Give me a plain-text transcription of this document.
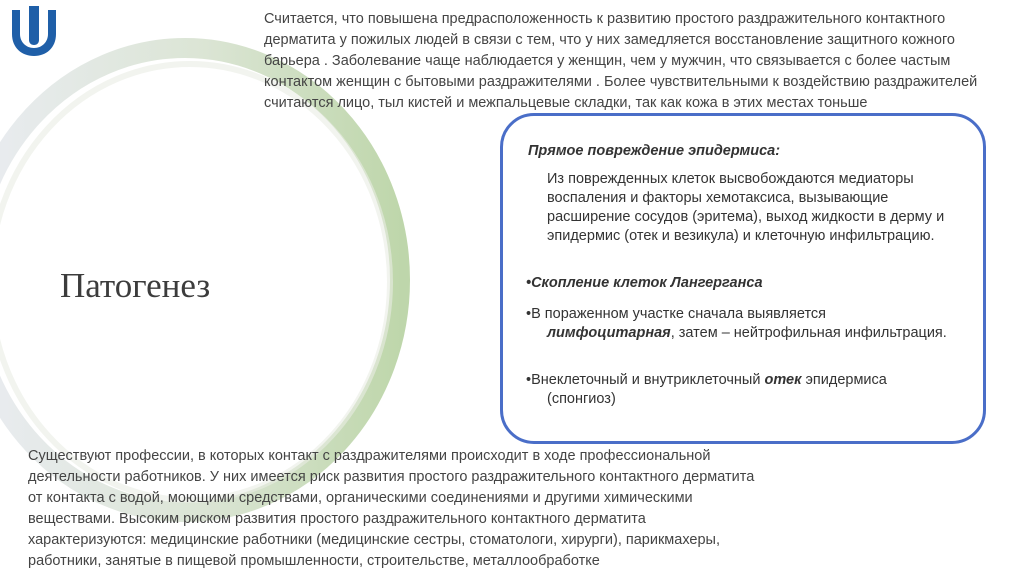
Считается, что повышена предрасположенность к развитию простого раздражительного контактного дерматита у пожилых людей в связи с тем, что у них замедляется восстановление защитного кожного барьера . Заболевание чаще наблюдается у женщин, чем у мужчин, что связывается с более частым контактом женщин с бытовыми раздражителями . Более чувствительными к воздействию раздражителей считаются лицо, тыл кистей и межпальцевые складки, так как кожа в этих местах тоньше

Патогенез

Прямое повреждение эпидермиса:

Из поврежденных клеток высвобождаются медиаторы воспаления и факторы хемотаксиса, вызывающие расширение сосудов (эритема), выход жидкости в дерму и эпидермис (отек и везикула) и клеточную инфильтрацию.

•Скопление клеток Лангерганса

•В пораженном участке сначала выявляется
лимфоцитарная, затем – нейтрофильная инфильтрация.

•Внеклеточный и внутриклеточный отек эпидермиса
(спонгиоз)

Существуют профессии, в которых контакт с раздражителями происходит в ходе профессиональной деятельности работников. У них имеется риск развития простого раздражительного контактного дерматита от контакта с водой, моющими средствами, органическими соединениями и другими химическими веществами. Высоким риском развития простого раздражительного контактного дерматита характеризуются: медицинские работники (медицинские сестры, стоматологи, хирурги), парикмахеры, работники, занятые в пищевой промышленности, строительстве, металлообработке
